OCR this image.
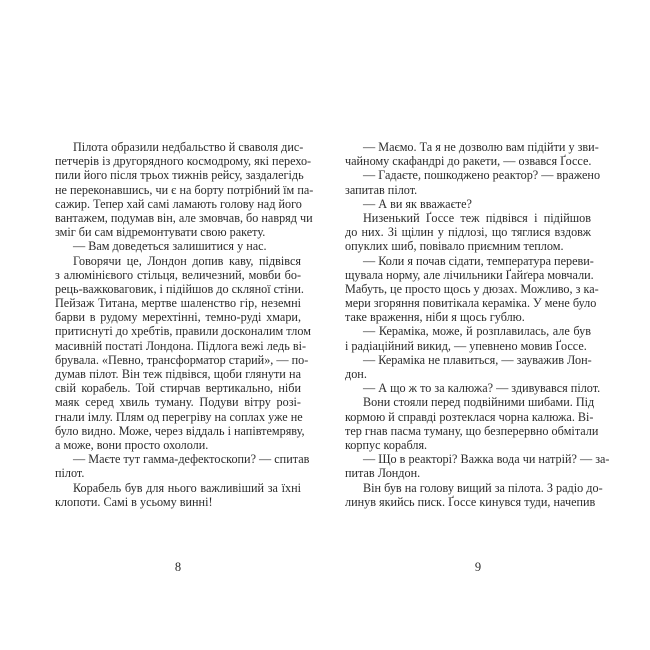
Пілота образили недбальство й сваволя дис-
петчерів із другорядного космодрому, які перехо-
пили його після трьох тижнів рейсу, заздалегідь
не переконавшись, чи є на борту потрібний їм па-
сажир. Тепер хай самі ламають голову над його
вантажем, подумав він, але змовчав, бо навряд чи
зміг би сам відремонтувати свою ракету.
— Вам доведеться залишитися у нас.
Говорячи це, Лондон допив каву, підвівся
з алюмінієвого стільця, величезний, мовби бо-
рець-важковаговик, і підійшов до скляної стіни.
Пейзаж Титана, мертве шаленство гір, неземні
барви в рудому мерехтінні, темно-руді хмари,
притиснуті до хребтів, правили досконалим тлом
масивній постаті Лондона. Підлога вежі ледь ві-
брувала. «Певно, трансформатор старий», — по-
думав пілот. Він теж підвівся, щоби глянути на
свій корабель. Той стирчав вертикально, ніби
маяк серед хвиль туману. Подуви вітру розі-
гнали імлу. Плям од перегріву на соплах уже не
було видно. Може, через віддаль і напівтемряву,
а може, вони просто охололи.
— Маєте тут гамма-дефектоскопи? — спитав
пілот.
Корабель був для нього важливіший за їхні
клопоти. Самі в усьому винні!
— Маємо. Та я не дозволю вам підійти у зви-
чайному скафандрі до ракети, — озвався Ґоссе.
— Гадаєте, пошкоджено реактор? — вражено
запитав пілот.
— А ви як вважаєте?
Низенький Ґоссе теж підвівся і підійшов
до них. Зі щілин у підлозі, що тяглися вздовж
опуклих шиб, повівало приємним теплом.
— Коли я почав сідати, температура переви-
щувала норму, але лічильники Ґайґера мовчали.
Мабуть, це просто щось у дюзах. Можливо, з ка-
мери згоряння повитікала кераміка. У мене було
таке враження, ніби я щось гублю.
— Кераміка, може, й розплавилась, але був
і радіаційний викид, — упевнено мовив Ґоссе.
— Кераміка не плавиться, — зауважив Лон-
дон.
— А що ж то за калюжа? — здивувався пілот.
Вони стояли перед подвійними шибами. Під
кормою й справді розтеклася чорна калюжа. Ві-
тер гнав пасма туману, що безперервно обмітали
корпус корабля.
— Що в реакторі? Важка вода чи натрій? — за-
питав Лондон.
Він був на голову вищий за пілота. З радіо до-
линув якийсь писк. Ґоссе кинувся туди, начепив
8	9
